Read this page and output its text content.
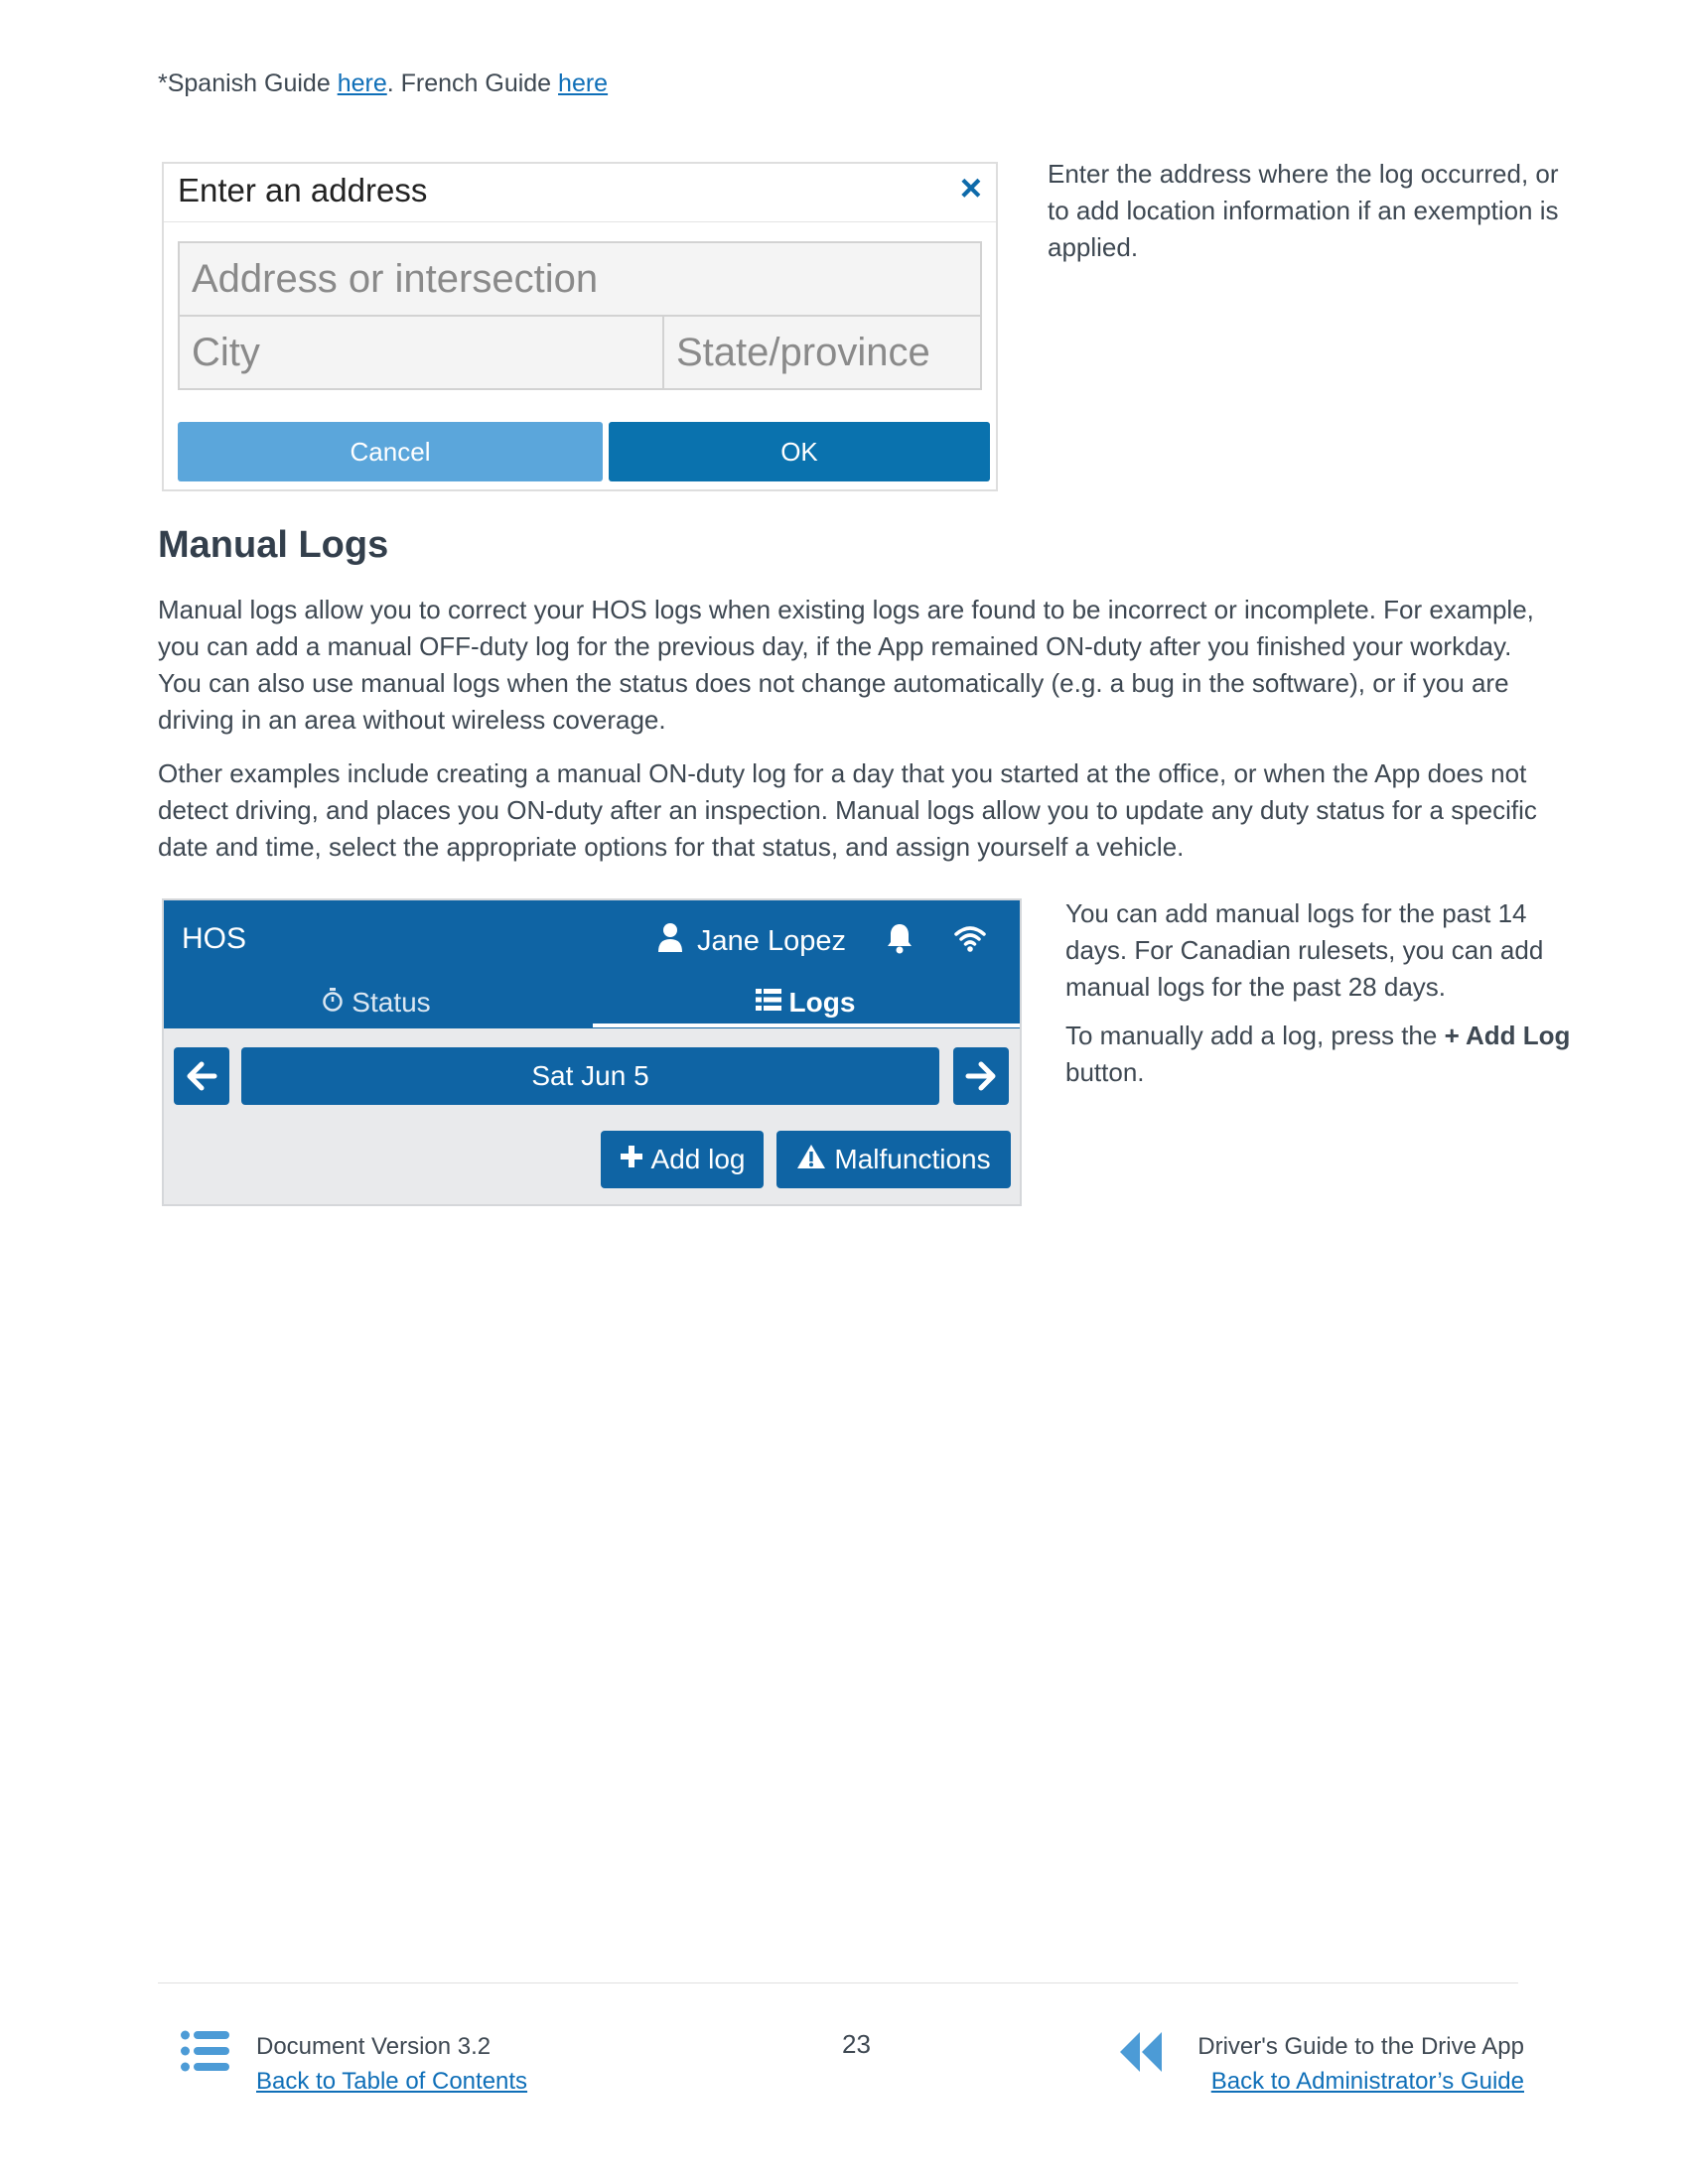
*Spanish Guide here. French Guide here
Enter an address	×
Address or intersection
City	State/province
Cancel	OK
Enter the address where the log occurred, or to add location information if an exemption is applied.
Manual Logs
Manual logs allow you to correct your HOS logs when existing logs are found to be incorrect or incomplete. For example, you can add a manual OFF-duty log for the previous day, if the App remained ON-duty after you finished your workday. You can also use manual logs when the status does not change automatically (e.g. a bug in the software), or if you are driving in an area without wireless coverage.
Other examples include creating a manual ON-duty log for a day that you started at the office, or when the App does not detect driving, and places you ON-duty after an inspection. Manual logs allow you to update any duty status for a specific date and time, select the appropriate options for that status, and assign yourself a vehicle.
HOS	Jane Lopez
Status	Logs
Sat Jun 5
Add log	Malfunctions

You can add manual logs for the past 14 days. For Canadian rulesets, you can add manual logs for the past 28 days.

To manually add a log, press the + Add Log button.

Document Version 3.2
Back to Table of Contents
23	Driver's Guide to the Drive App
Back to Administrator’s Guide
